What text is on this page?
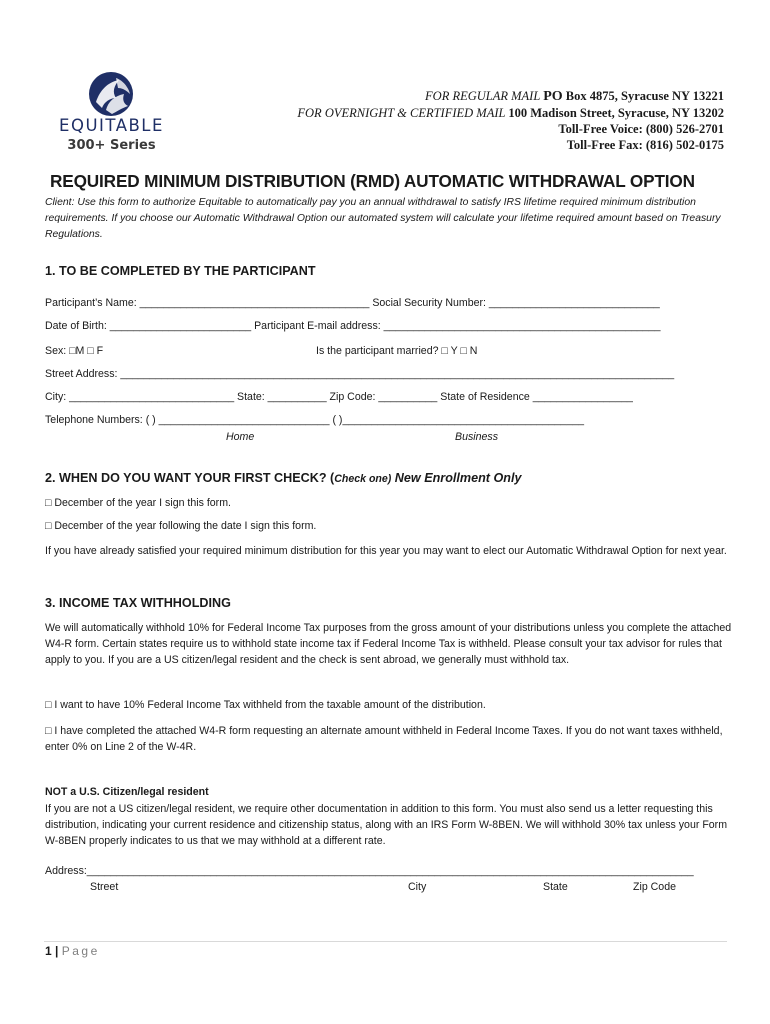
EQUITABLE
300+ Series
FOR REGULAR MAIL PO Box 4875, Syracuse NY 13221
FOR OVERNIGHT & CERTIFIED MAIL 100 Madison Street, Syracuse, NY 13202
Toll-Free Voice: (800) 526-2701
Toll-Free Fax: (816) 502-0175
REQUIRED MINIMUM DISTRIBUTION (RMD) AUTOMATIC WITHDRAWAL OPTION
Client: Use this form to authorize Equitable to automatically pay you an annual withdrawal to satisfy IRS lifetime required minimum distribution requirements. If you choose our Automatic Withdrawal Option our automated system will calculate your lifetime required amount based on Treasury Regulations.
1. TO BE COMPLETED BY THE PARTICIPANT
Participant’s Name: _______________________________________ Social Security Number: _____________________________
Date of Birth: ________________________ Participant E-mail address: _______________________________________________
Sex: □M □ F	Is the participant married? □ Y □ N
Street Address: ______________________________________________________________________________________________
City: ____________________________ State: __________ Zip Code: __________ State of Residence _________________
Telephone Numbers: ( ) _____________________________ ( )_________________________________________
Home	Business
2. WHEN DO YOU WANT YOUR FIRST CHECK? (Check one) New Enrollment Only
□ December of the year I sign this form.
□ December of the year following the date I sign this form.
If you have already satisfied your required minimum distribution for this year you may want to elect our Automatic Withdrawal Option for next year.
3. INCOME TAX WITHHOLDING
We will automatically withhold 10% for Federal Income Tax purposes from the gross amount of your distributions unless you complete the attached W4-R form. Certain states require us to withhold state income tax if Federal Income Tax is withheld. Please consult your tax advisor for rules that apply to you. If you are a US citizen/legal resident and the check is sent abroad, we generally must withhold tax.
□ I want to have 10% Federal Income Tax withheld from the taxable amount of the distribution.
□ I have completed the attached W4-R form requesting an alternate amount withheld in Federal Income Taxes. If you do not want taxes withheld, enter 0% on Line 2 of the W-4R.
NOT a U.S. Citizen/legal resident
If you are not a US citizen/legal resident, we require other documentation in addition to this form. You must also send us a letter requesting this distribution, indicating your current residence and citizenship status, along with an IRS Form W-8BEN. We will withhold 30% tax unless your Form W-8BEN properly indicates to us that we may withhold at a different rate.
Address:_______________________________________________________________________________________________________
Street	City	State	Zip Code
1 | Page
